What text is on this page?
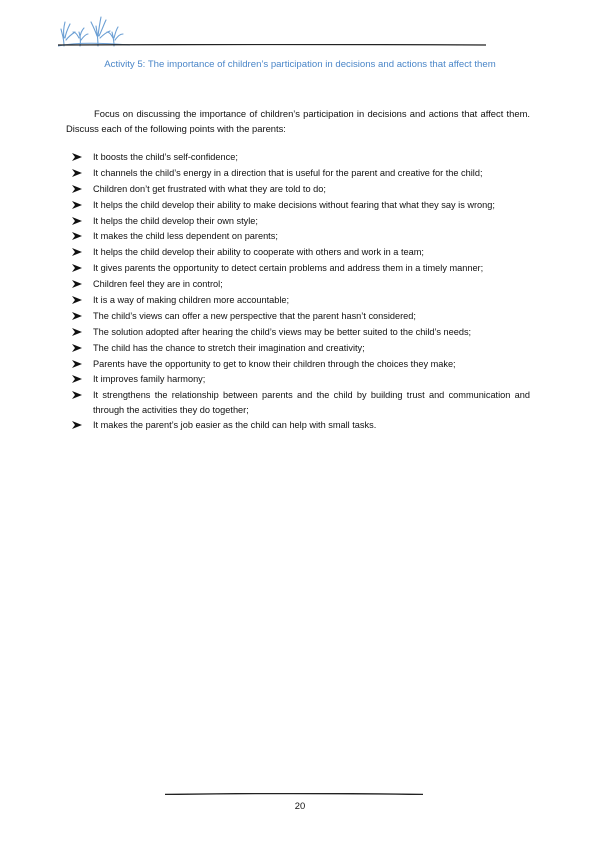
Activity 5: The importance of children’s participation in decisions and actions that affect them

Focus on discussing the importance of children’s participation in decisions and actions that affect them. Discuss each of the following points with the parents:

It boosts the child’s self-confidence;
It channels the child’s energy in a direction that is useful for the parent and creative for the child;
Children don’t get frustrated with what they are told to do;
It helps the child develop their ability to make decisions without fearing that what they say is wrong;
It helps the child develop their own style;
It makes the child less dependent on parents;
It helps the child develop their ability to cooperate with others and work in a team;
It gives parents the opportunity to detect certain problems and address them in a timely manner;
Children feel they are in control;
It is a way of making children more accountable;
The child’s views can offer a new perspective that the parent hasn’t considered;
The solution adopted after hearing the child’s views may be better suited to the child’s needs;
The child has the chance to stretch their imagination and creativity;
Parents have the opportunity to get to know their children through the choices they make;
It improves family harmony;
It strengthens the relationship between parents and the child by building trust and communication and through the activities they do together;
It makes the parent’s job easier as the child can help with small tasks.

20
